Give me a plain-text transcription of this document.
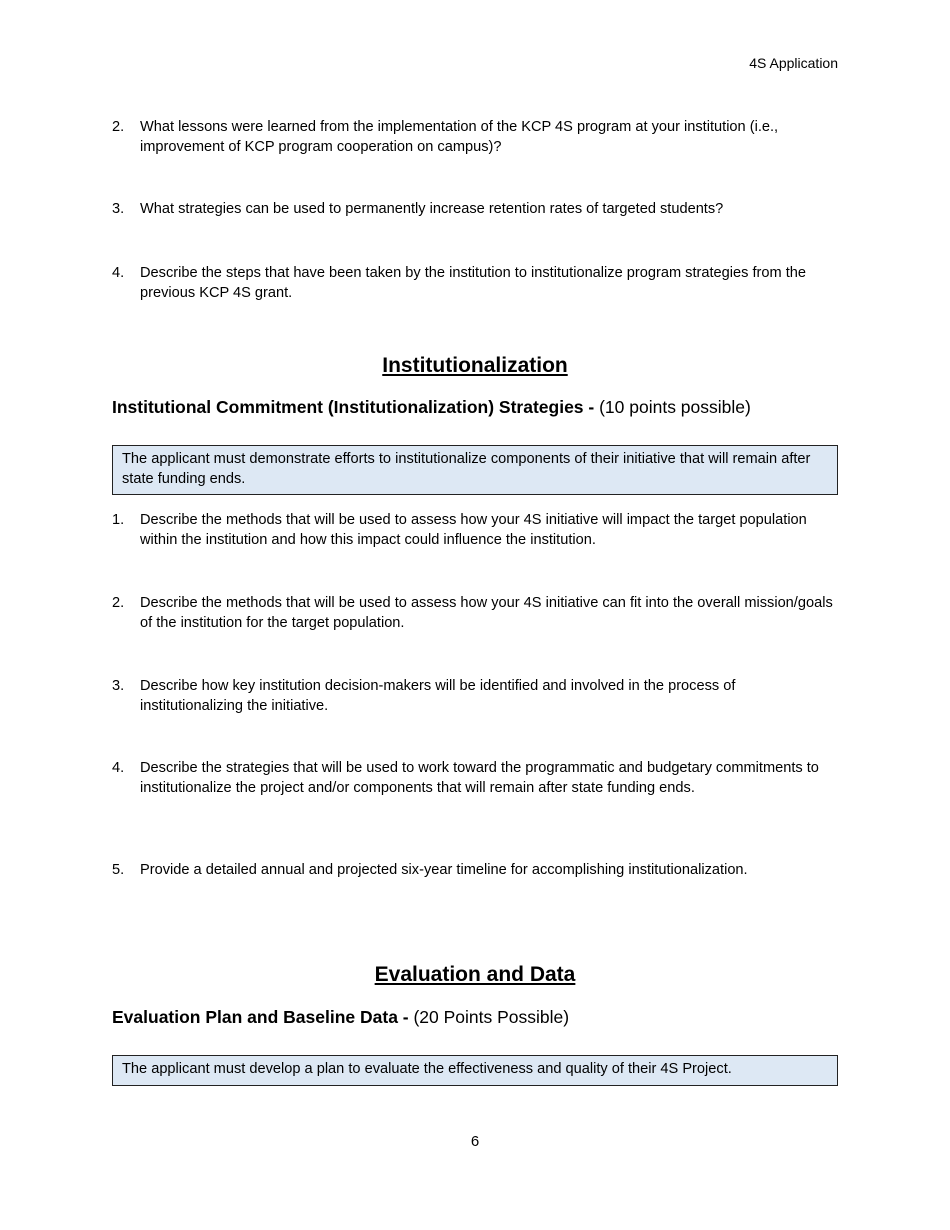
4S Application
2. What lessons were learned from the implementation of the KCP 4S program at your institution (i.e., improvement of KCP program cooperation on campus)?
3. What strategies can be used to permanently increase retention rates of targeted students?
4. Describe the steps that have been taken by the institution to institutionalize program strategies from the previous KCP 4S grant.
Institutionalization
Institutional Commitment (Institutionalization) Strategies - (10 points possible)
The applicant must demonstrate efforts to institutionalize components of their initiative that will remain after state funding ends.
1. Describe the methods that will be used to assess how your 4S initiative will impact the target population within the institution and how this impact could influence the institution.
2. Describe the methods that will be used to assess how your 4S initiative can fit into the overall mission/goals of the institution for the target population.
3. Describe how key institution decision-makers will be identified and involved in the process of institutionalizing the initiative.
4. Describe the strategies that will be used to work toward the programmatic and budgetary commitments to institutionalize the project and/or components that will remain after state funding ends.
5. Provide a detailed annual and projected six-year timeline for accomplishing institutionalization.
Evaluation and Data
Evaluation Plan and Baseline Data - (20 Points Possible)
The applicant must develop a plan to evaluate the effectiveness and quality of their 4S Project.
6
